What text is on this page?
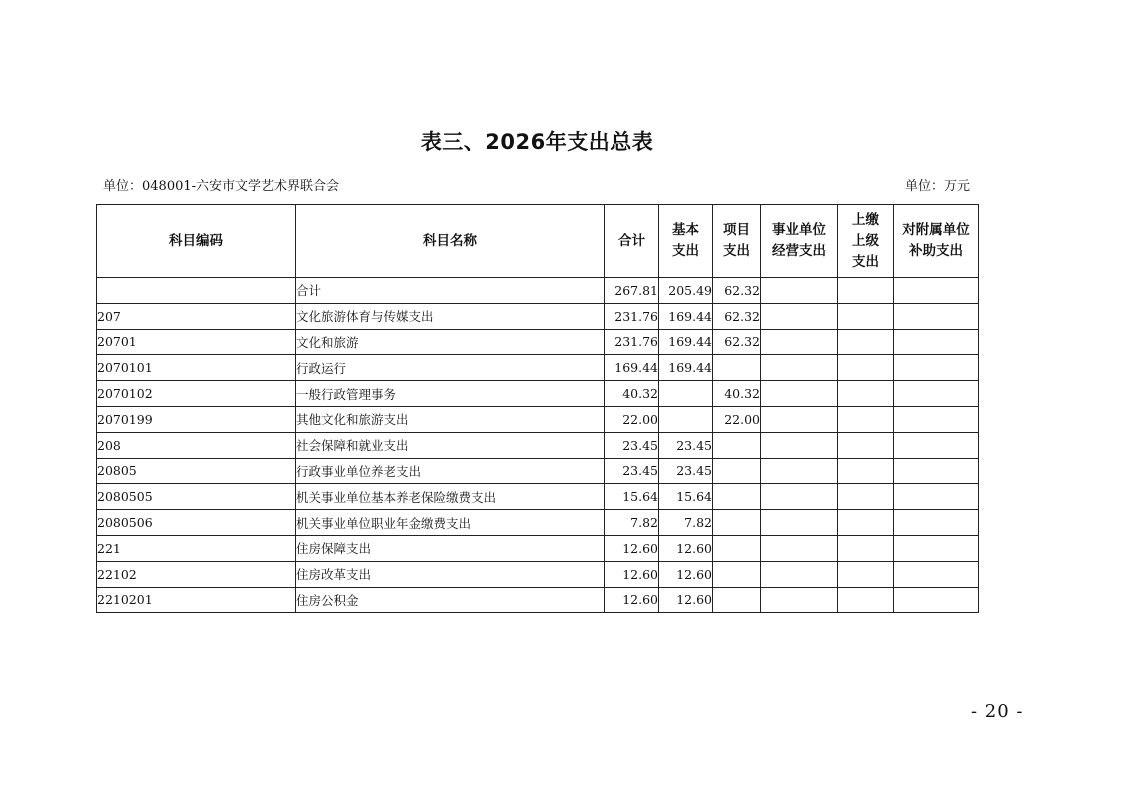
表三、2026年支出总表
单位：048001-六安市文学艺术界联合会	单位：万元
科目编码	科目名称	合计	基本支出	项目支出	事业单位经营支出	上缴上级支出	对附属单位补助支出
	合计	267.81	205.49	62.32			
207	文化旅游体育与传媒支出	231.76	169.44	62.32			
20701	文化和旅游	231.76	169.44	62.32			
2070101	行政运行	169.44	169.44				
2070102	一般行政管理事务	40.32		40.32			
2070199	其他文化和旅游支出	22.00		22.00			
208	社会保障和就业支出	23.45	23.45				
20805	行政事业单位养老支出	23.45	23.45				
2080505	机关事业单位基本养老保险缴费支出	15.64	15.64				
2080506	机关事业单位职业年金缴费支出	7.82	7.82				
221	住房保障支出	12.60	12.60				
22102	住房改革支出	12.60	12.60				
2210201	住房公积金	12.60	12.60				
- 20 -
